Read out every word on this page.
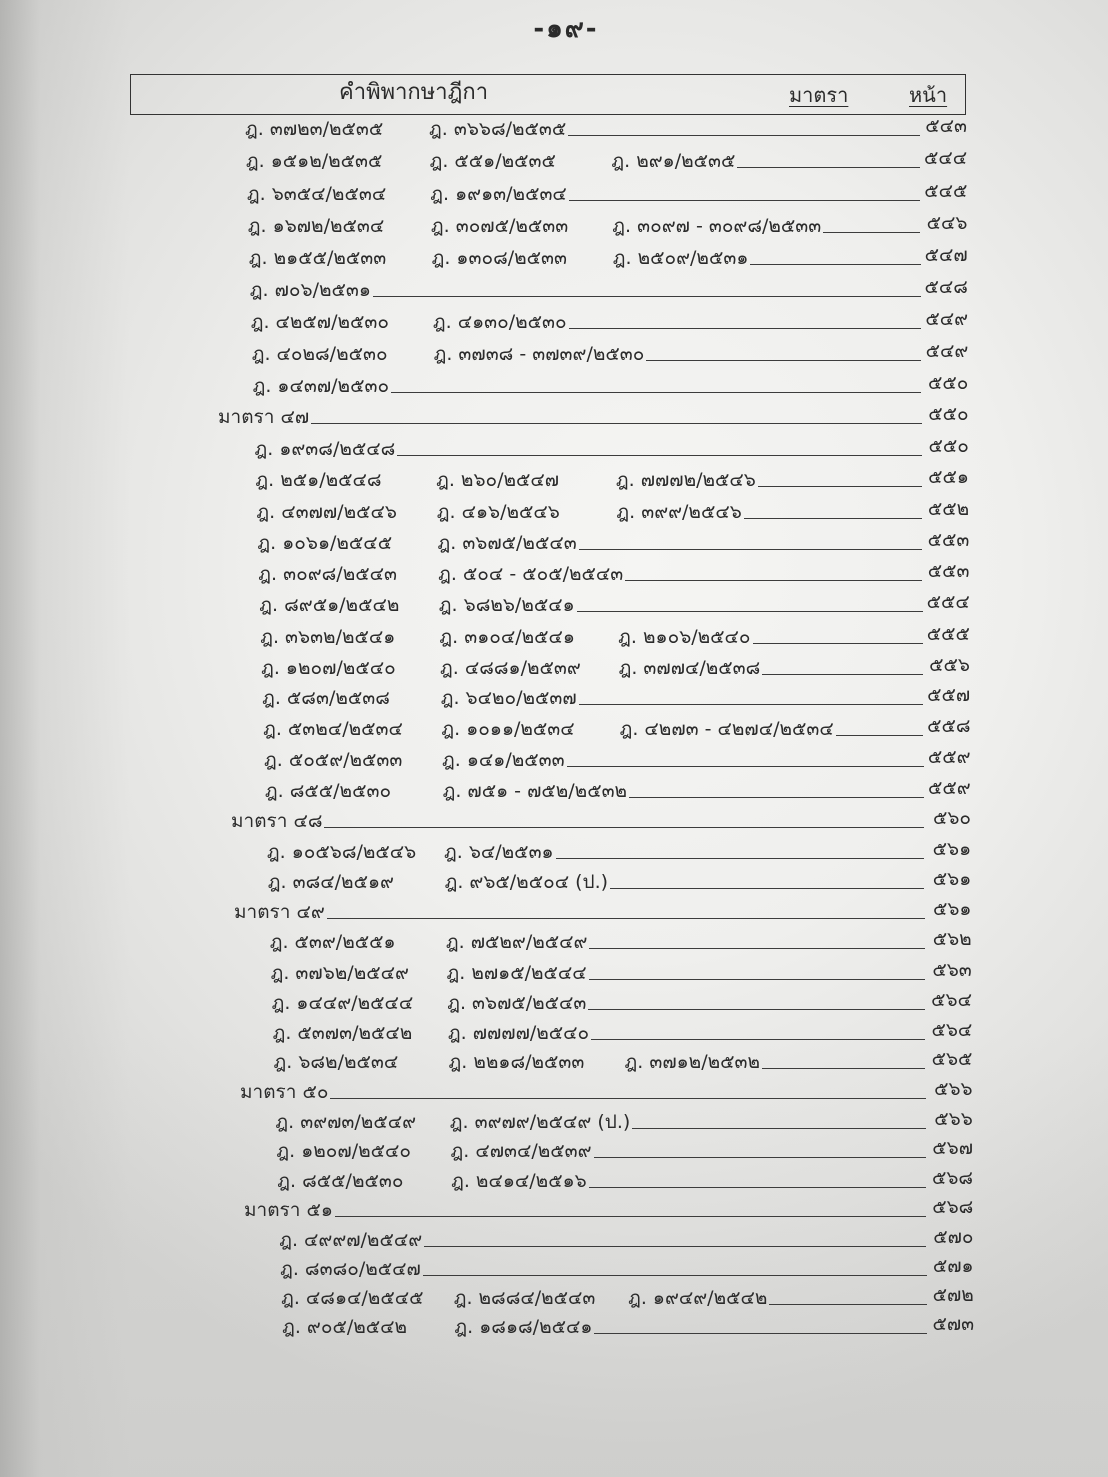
-๑๙-
คำพิพากษาฎีกา	มาตรา	หน้า
ฎ. ๓๗๒๓/๒๕๓๕	ฎ. ๓๖๖๘/๒๕๓๕	๕๔๓
ฎ. ๑๕๑๒/๒๕๓๕	ฎ. ๕๕๑/๒๕๓๕	ฎ. ๒๙๑/๒๕๓๕	๕๔๔
ฎ. ๖๓๕๔/๒๕๓๔	ฎ. ๑๙๑๓/๒๕๓๔	๕๔๕
ฎ. ๑๖๗๒/๒๕๓๔	ฎ. ๓๐๗๕/๒๕๓๓	ฎ. ๓๐๙๗ - ๓๐๙๘/๒๕๓๓	๕๔๖
ฎ. ๒๑๕๕/๒๕๓๓	ฎ. ๑๓๐๘/๒๕๓๓	ฎ. ๒๕๐๙/๒๕๓๑	๕๔๗
ฎ. ๗๐๖/๒๕๓๑	๕๔๘
ฎ. ๔๒๕๗/๒๕๓๐	ฎ. ๔๑๓๐/๒๕๓๐	๕๔๙
ฎ. ๔๐๒๘/๒๕๓๐	ฎ. ๓๗๓๘ - ๓๗๓๙/๒๕๓๐	๕๔๙
ฎ. ๑๔๓๗/๒๕๓๐	๕๕๐
มาตรา ๔๗	๕๕๐
ฎ. ๑๙๓๘/๒๕๔๘	๕๕๐
ฎ. ๒๕๑/๒๕๔๘	ฎ. ๒๖๐/๒๕๔๗	ฎ. ๗๗๗๒/๒๕๔๖	๕๕๑
ฎ. ๔๓๗๗/๒๕๔๖	ฎ. ๔๑๖/๒๕๔๖	ฎ. ๓๙๙/๒๕๔๖	๕๕๒
ฎ. ๑๐๖๑/๒๕๔๕	ฎ. ๓๖๗๕/๒๕๔๓	๕๕๓
ฎ. ๓๐๙๘/๒๕๔๓	ฎ. ๕๐๔ - ๕๐๕/๒๕๔๓	๕๕๓
ฎ. ๘๙๕๑/๒๕๔๒	ฎ. ๖๘๒๖/๒๕๔๑	๕๕๔
ฎ. ๓๖๓๒/๒๕๔๑	ฎ. ๓๑๐๔/๒๕๔๑	ฎ. ๒๑๐๖/๒๕๔๐	๕๕๕
ฎ. ๑๒๐๗/๒๕๔๐	ฎ. ๔๘๘๑/๒๕๓๙	ฎ. ๓๗๗๔/๒๕๓๘	๕๕๖
ฎ. ๕๘๓/๒๕๓๘	ฎ. ๖๔๒๐/๒๕๓๗	๕๕๗
ฎ. ๕๓๒๔/๒๕๓๔	ฎ. ๑๐๑๑/๒๕๓๔	ฎ. ๔๒๗๓ - ๔๒๗๔/๒๕๓๔	๕๕๘
ฎ. ๕๐๕๙/๒๕๓๓	ฎ. ๑๔๑/๒๕๓๓	๕๕๙
ฎ. ๘๕๕/๒๕๓๐	ฎ. ๗๕๑ - ๗๕๒/๒๕๓๒	๕๕๙
มาตรา ๔๘	๕๖๐
ฎ. ๑๐๕๖๘/๒๕๔๖	ฎ. ๖๔/๒๕๓๑	๕๖๑
ฎ. ๓๘๔/๒๕๑๙	ฎ. ๙๖๕/๒๕๐๔ (ป.)	๕๖๑
มาตรา ๔๙	๕๖๑
ฎ. ๕๓๙/๒๕๕๑	ฎ. ๗๕๒๙/๒๕๔๙	๕๖๒
ฎ. ๓๗๖๒/๒๕๔๙	ฎ. ๒๗๑๕/๒๕๔๔	๕๖๓
ฎ. ๑๔๔๙/๒๕๔๔	ฎ. ๓๖๗๕/๒๕๔๓	๕๖๔
ฎ. ๕๓๗๓/๒๕๔๒	ฎ. ๗๗๗๗/๒๕๔๐	๕๖๔
ฎ. ๖๘๒/๒๕๓๔	ฎ. ๒๒๑๘/๒๕๓๓	ฎ. ๓๗๑๒/๒๕๓๒	๕๖๕
มาตรา ๕๐	๕๖๖
ฎ. ๓๙๗๓/๒๕๔๙	ฎ. ๓๙๗๙/๒๕๔๙ (ป.)	๕๖๖
ฎ. ๑๒๐๗/๒๕๔๐	ฎ. ๔๗๓๔/๒๕๓๙	๕๖๗
ฎ. ๘๕๕/๒๕๓๐	ฎ. ๒๔๑๔/๒๕๑๖	๕๖๘
มาตรา ๕๑	๕๖๘
ฎ. ๔๙๙๗/๒๕๔๙	๕๗๐
ฎ. ๘๓๘๐/๒๕๔๗	๕๗๑
ฎ. ๔๘๑๔/๒๕๔๕	ฎ. ๒๘๘๔/๒๕๔๓	ฎ. ๑๙๔๙/๒๕๔๒	๕๗๒
ฎ. ๙๐๕/๒๕๔๒	ฎ. ๑๘๑๘/๒๕๔๑	๕๗๓
